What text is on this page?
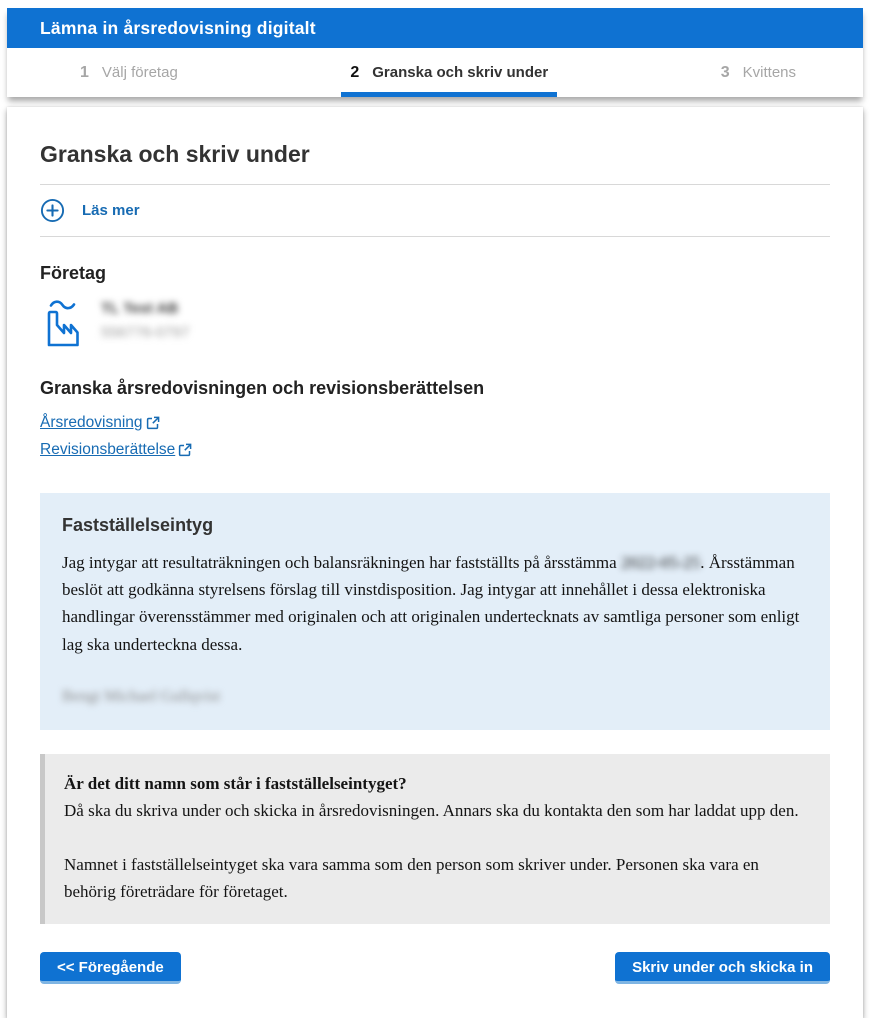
Lämna in årsredovisning digitalt
1 Välj företag	2 Granska och skriv under	3 Kvittens
Granska och skriv under
Läs mer
Företag
TL Test AB
556776-0797
Granska årsredovisningen och revisionsberättelsen
Årsredovisning
Revisionsberättelse
Fastställelseintyg

Jag intygar att resultaträkningen och balansräkningen har fastställts på årsstämma 2022-05-25. Årsstämman beslöt att godkänna styrelsens förslag till vinstdisposition. Jag intygar att innehållet i dessa elektroniska handlingar överensstämmer med originalen och att originalen undertecknats av samtliga personer som enligt lag ska underteckna dessa.

Bengt Michael Gullqvist
Är det ditt namn som står i fastställelseintyget?

Då ska du skriva under och skicka in årsredovisningen. Annars ska du kontakta den som har laddat upp den.

Namnet i fastställelseintyget ska vara samma som den person som skriver under. Personen ska vara en behörig företrädare för företaget.

<< Föregående	Skriv under och skicka in
